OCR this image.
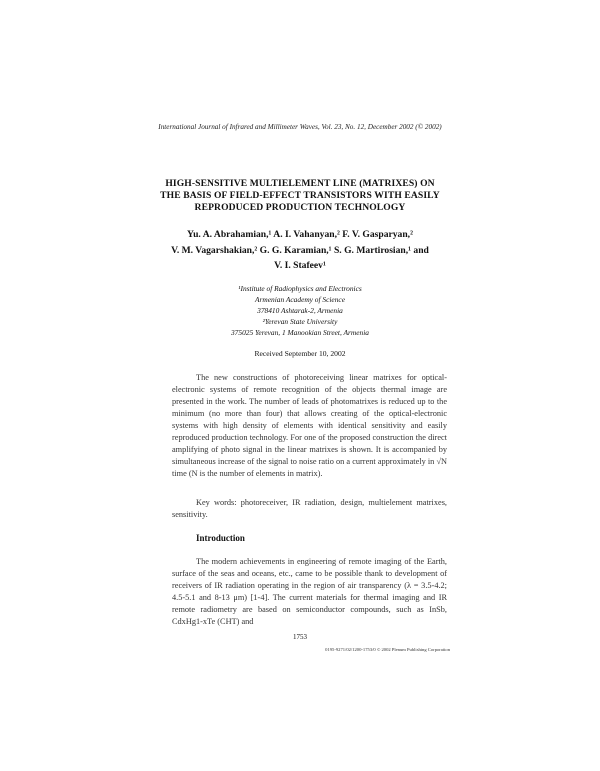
International Journal of Infrared and Millimeter Waves, Vol. 23, No. 12, December 2002 (© 2002)
HIGH-SENSITIVE MULTIELEMENT LINE (MATRIXES) ON
THE BASIS OF FIELD-EFFECT TRANSISTORS WITH EASILY
REPRODUCED PRODUCTION TECHNOLOGY
Yu. A. Abrahamian,¹ A. I. Vahanyan,² F. V. Gasparyan,²
V. M. Vagarshakian,² G. G. Karamian,¹ S. G. Martirosian,¹ and
V. I. Stafeev¹
¹Institute of Radiophysics and Electronics
Armenian Academy of Science
378410 Ashtarak-2, Armenia
²Yerevan State University
375025 Yerevan, 1 Manookian Street, Armenia
Received September 10, 2002

The new constructions of photoreceiving linear matrixes for optical-electronic systems of remote recognition of the objects thermal image are presented in the work. The number of leads of photomatrixes is reduced up to the minimum (no more than four) that allows creating of the optical-electronic systems with high density of elements with identical sensitivity and easily reproduced production technology. For one of the proposed construction the direct amplifying of photo signal in the linear matrixes is shown. It is accompanied by simultaneous increase of the signal to noise ratio on a current approximately in √N time (N is the number of elements in matrix).

Key words: photoreceiver, IR radiation, design, multielement matrixes, sensitivity.

Introduction

The modern achievements in engineering of remote imaging of the Earth, surface of the seas and oceans, etc., came to be possible thank to development of receivers of IR radiation operating in the region of air transparency (λ = 3.5-4.2; 4.5-5.1 and 8-13 μm) [1-4]. The current materials for thermal imaging and IR remote radiometry are based on semiconductor compounds, such as InSb, CdxHg1-xTe (CHT) and

1753
0195-9271/02/1200-1753/0 © 2002 Plenum Publishing Corporation
